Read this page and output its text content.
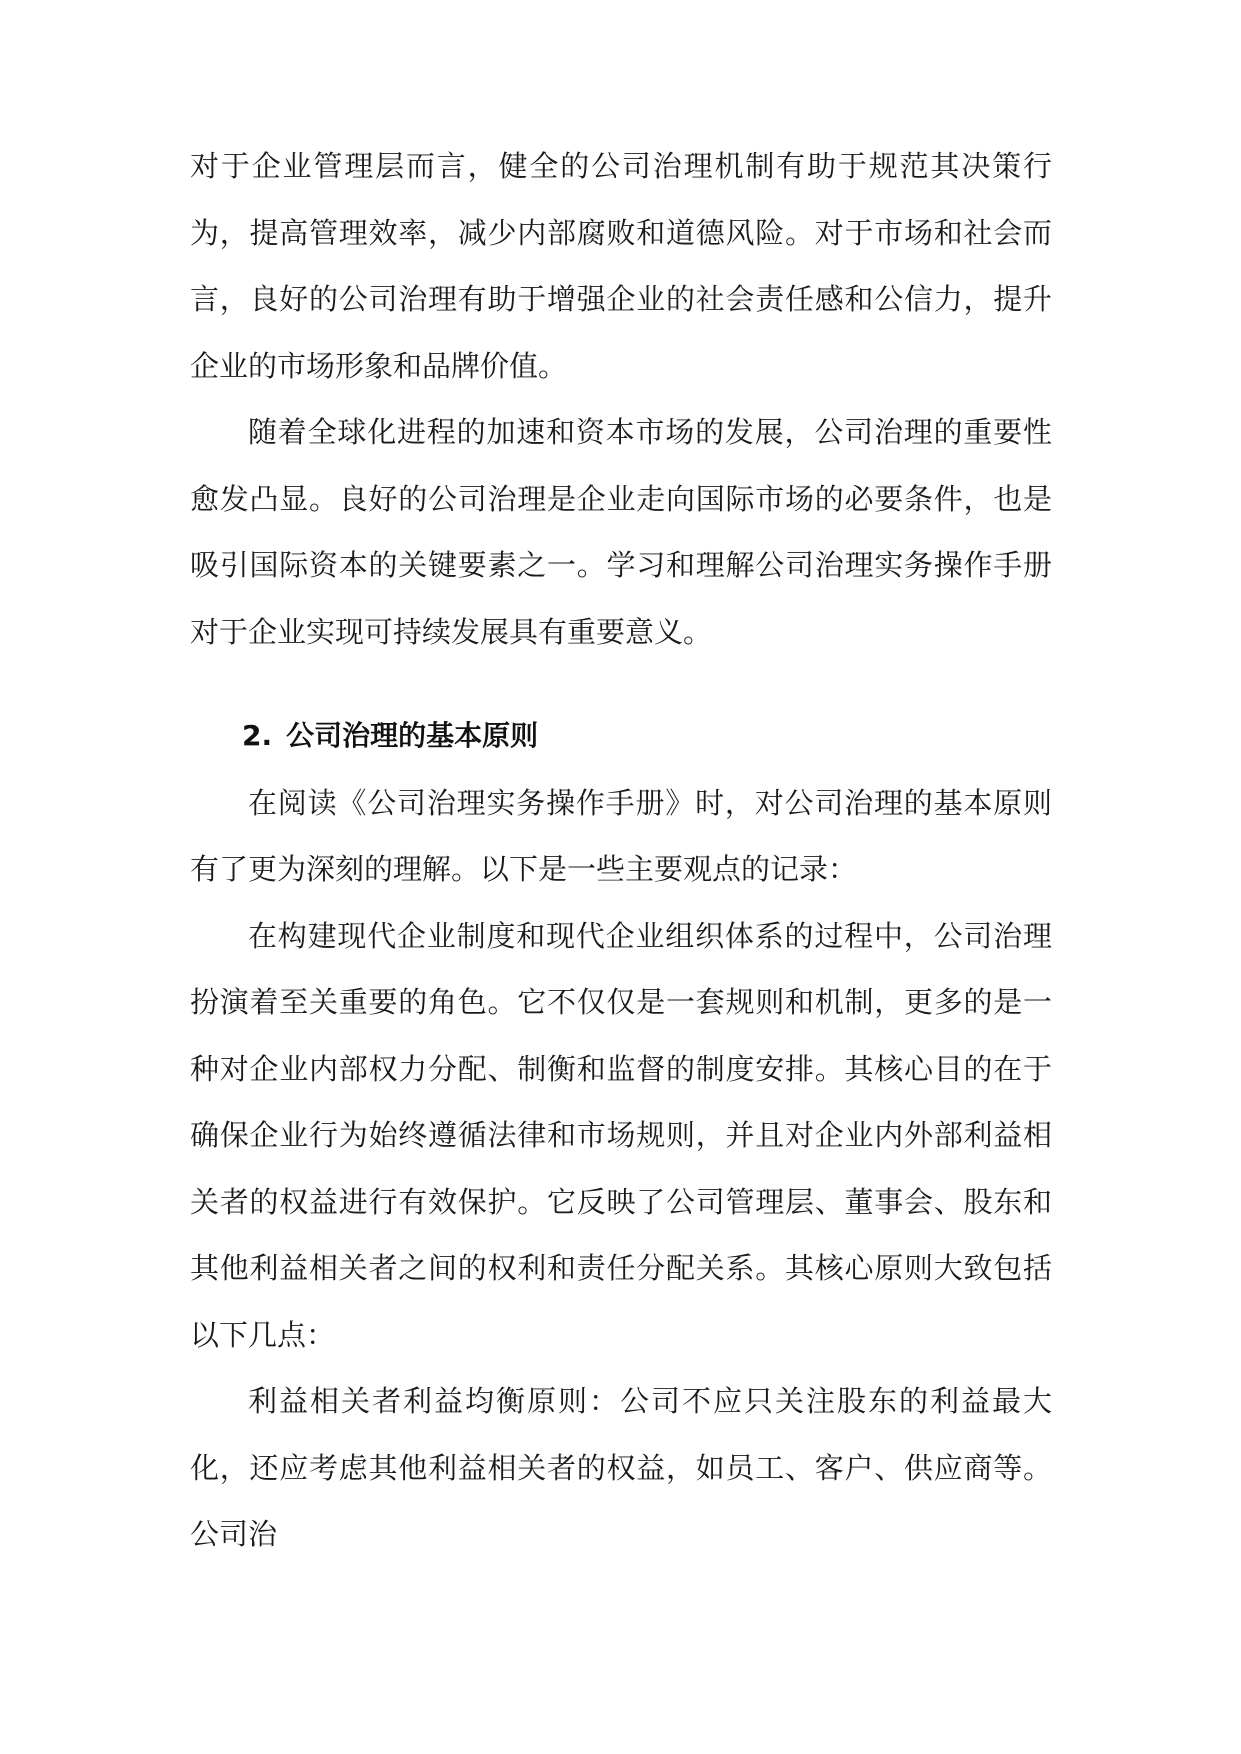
对于企业管理层而言，健全的公司治理机制有助于规范其决策行为，提高管理效率，减少内部腐败和道德风险。对于市场和社会而言，良好的公司治理有助于增强企业的社会责任感和公信力，提升企业的市场形象和品牌价值。

随着全球化进程的加速和资本市场的发展，公司治理的重要性愈发凸显。良好的公司治理是企业走向国际市场的必要条件，也是吸引国际资本的关键要素之一。学习和理解公司治理实务操作手册对于企业实现可持续发展具有重要意义。

2. 公司治理的基本原则

在阅读《公司治理实务操作手册》时，对公司治理的基本原则有了更为深刻的理解。以下是一些主要观点的记录：

在构建现代企业制度和现代企业组织体系的过程中，公司治理扮演着至关重要的角色。它不仅仅是一套规则和机制，更多的是一种对企业内部权力分配、制衡和监督的制度安排。其核心目的在于确保企业行为始终遵循法律和市场规则，并且对企业内外部利益相关者的权益进行有效保护。它反映了公司管理层、董事会、股东和其他利益相关者之间的权利和责任分配关系。其核心原则大致包括以下几点：

利益相关者利益均衡原则：公司不应只关注股东的利益最大化，还应考虑其他利益相关者的权益，如员工、客户、供应商等。公司治
